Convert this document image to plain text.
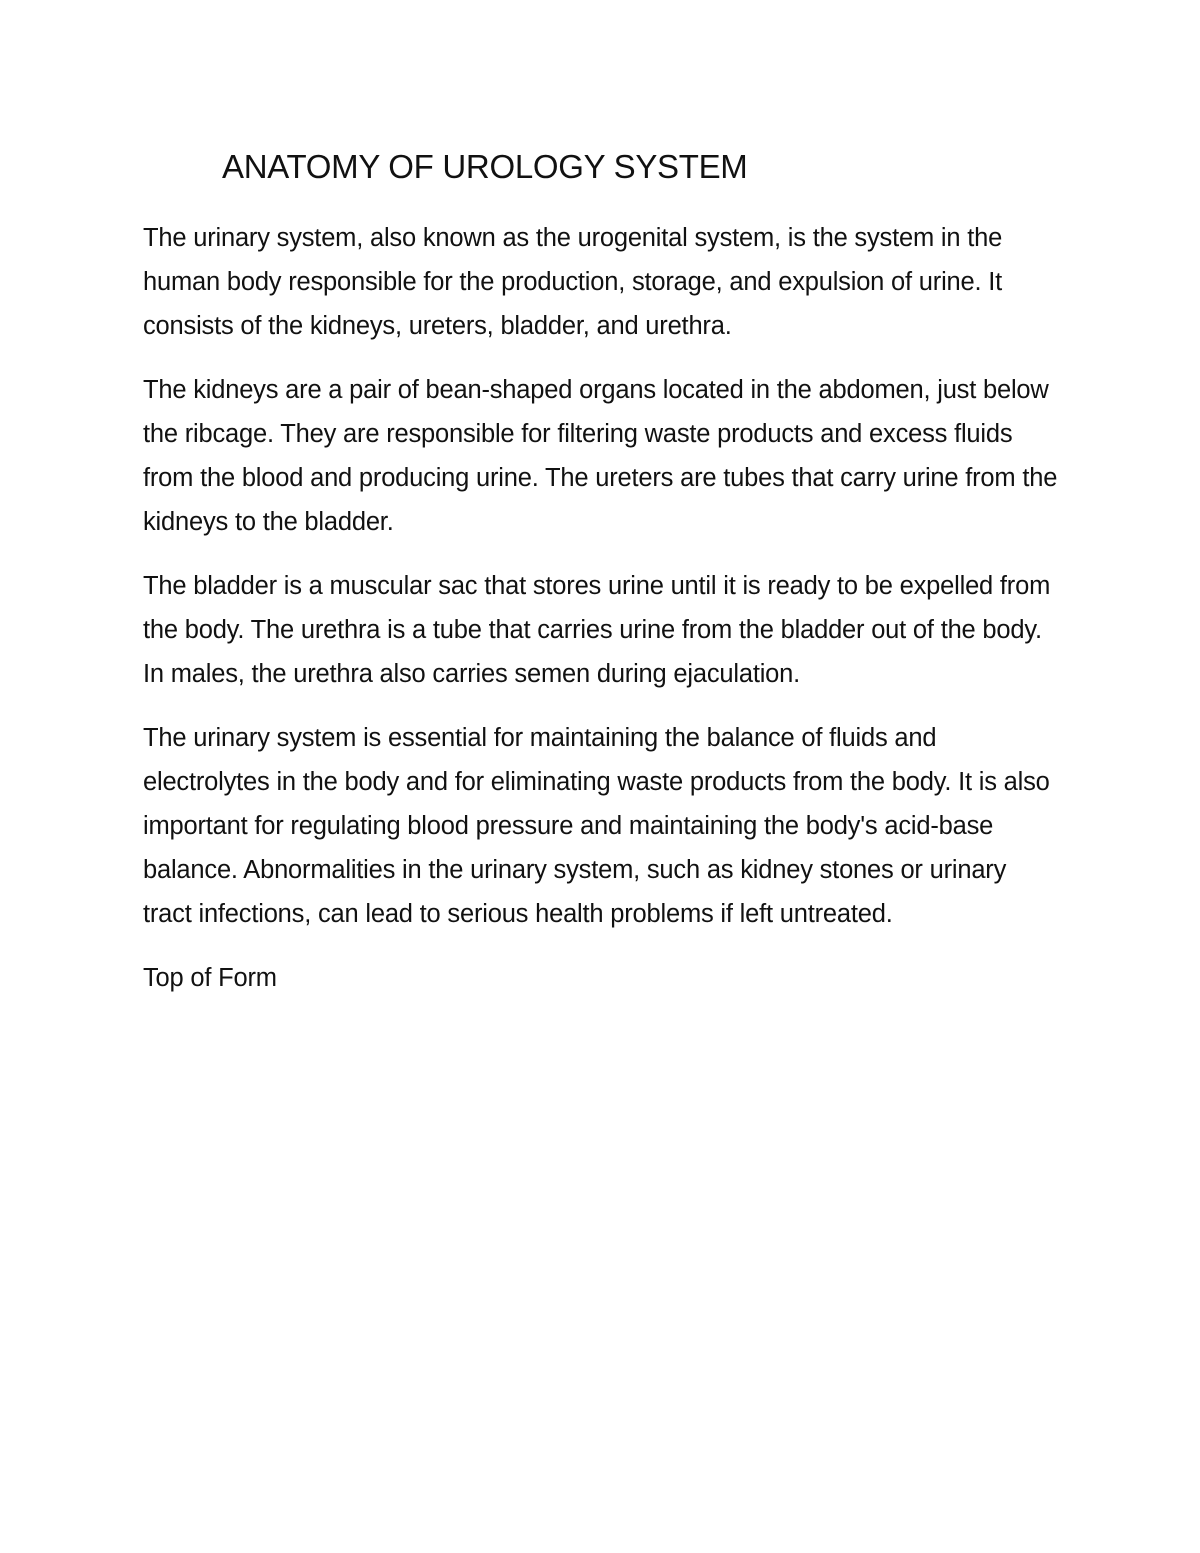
ANATOMY OF UROLOGY SYSTEM

The urinary system, also known as the urogenital system, is the system in the human body responsible for the production, storage, and expulsion of urine. It consists of the kidneys, ureters, bladder, and urethra.

The kidneys are a pair of bean-shaped organs located in the abdomen, just below the ribcage. They are responsible for filtering waste products and excess fluids from the blood and producing urine. The ureters are tubes that carry urine from the kidneys to the bladder.

The bladder is a muscular sac that stores urine until it is ready to be expelled from the body. The urethra is a tube that carries urine from the bladder out of the body. In males, the urethra also carries semen during ejaculation.

The urinary system is essential for maintaining the balance of fluids and electrolytes in the body and for eliminating waste products from the body. It is also important for regulating blood pressure and maintaining the body's acid-base balance. Abnormalities in the urinary system, such as kidney stones or urinary tract infections, can lead to serious health problems if left untreated.

Top of Form
